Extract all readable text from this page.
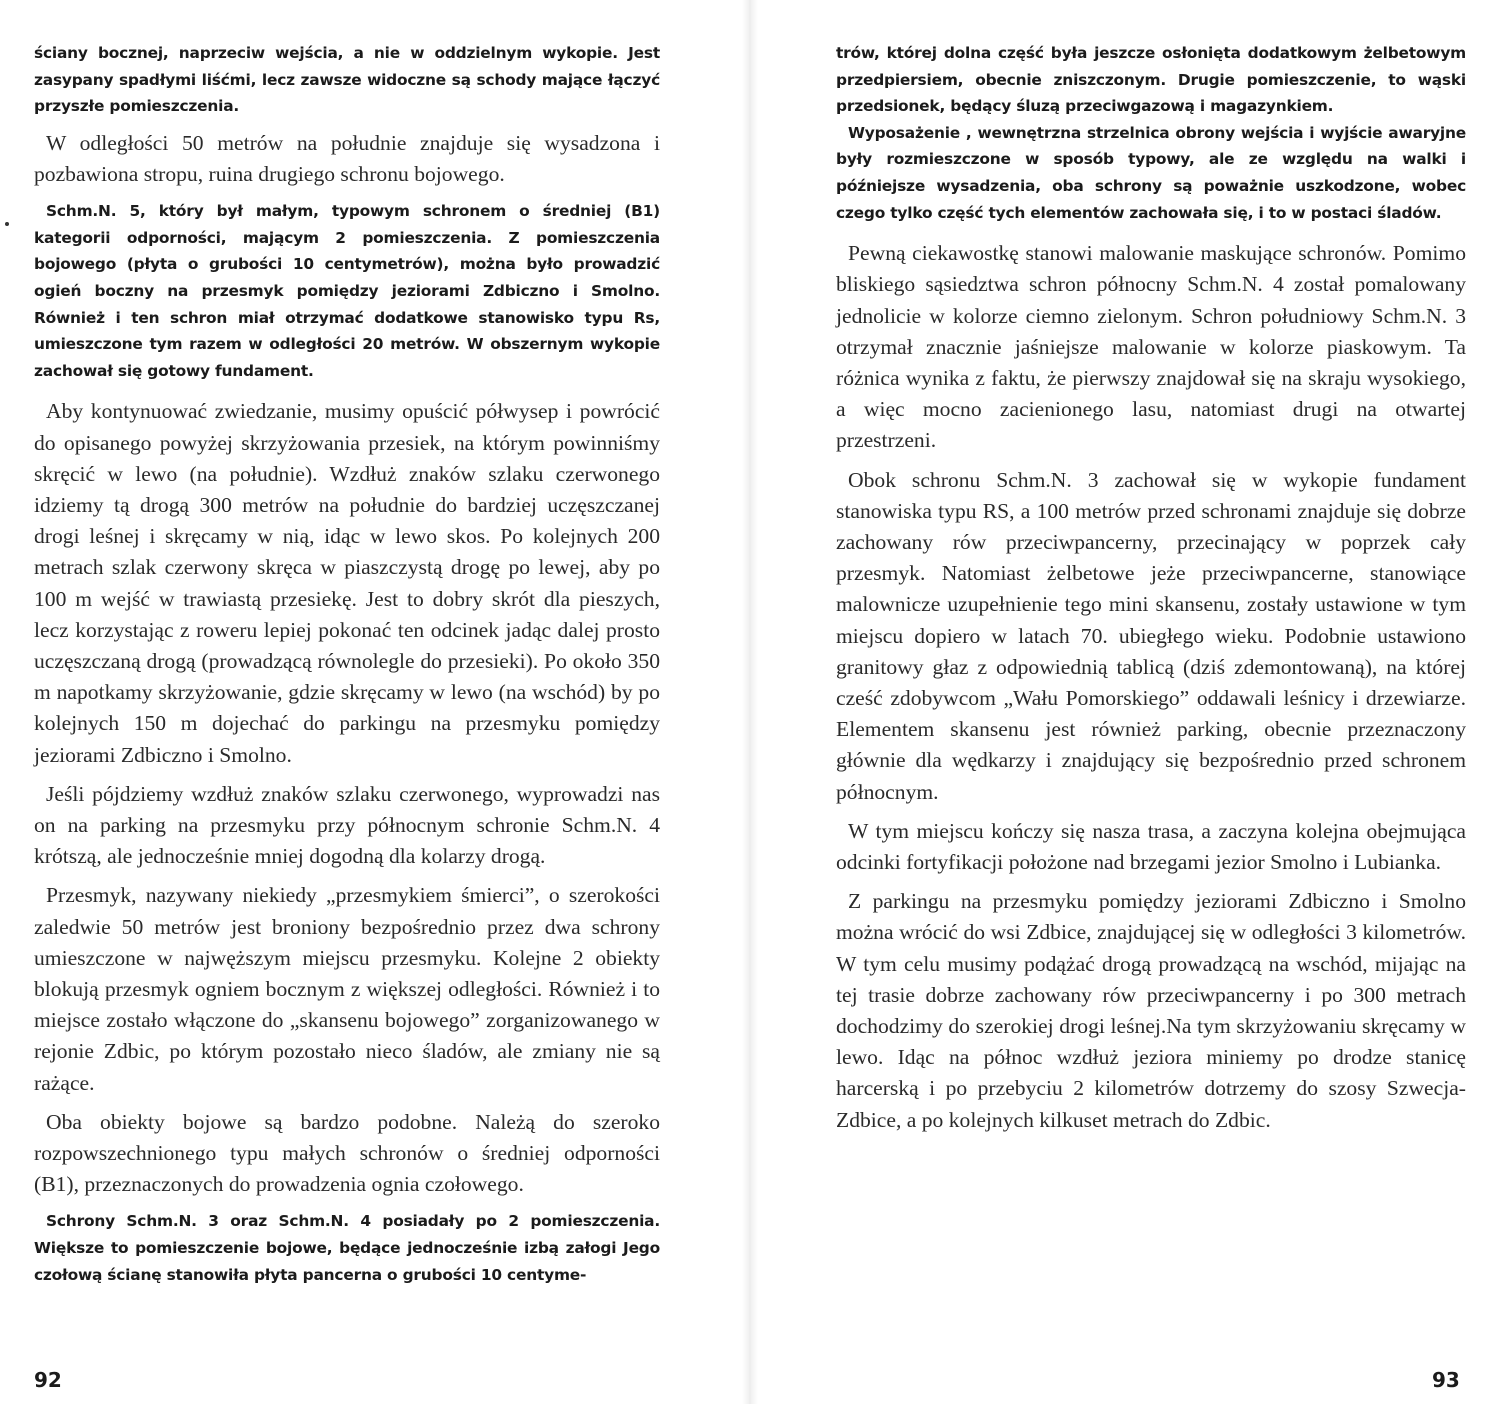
ściany bocznej, naprzeciw wejścia, a nie w oddzielnym wykopie. Jest zasypany spadłymi liśćmi, lecz zawsze widoczne są schody mające łączyć przyszłe pomieszczenia.

W odległości 50 metrów na południe znajduje się wysadzona i pozbawiona stropu, ruina drugiego schronu bojowego.

Schm.N. 5, który był małym, typowym schronem o średniej (B1) kategorii odporności, mającym 2 pomieszczenia. Z pomieszczenia bojowego (płyta o grubości 10 centymetrów), można było prowadzić ogień boczny na przesmyk pomiędzy jeziorami Zdbiczno i Smolno. Również i ten schron miał otrzymać dodatkowe stanowisko typu Rs, umieszczone tym razem w odległości 20 metrów. W obszernym wykopie zachował się gotowy fundament.

Aby kontynuować zwiedzanie, musimy opuścić półwysep i powrócić do opisanego powyżej skrzyżowania przesiek, na którym powinniśmy skręcić w lewo (na południe). Wzdłuż znaków szlaku czerwonego idziemy tą drogą 300 metrów na południe do bardziej uczęszczanej drogi leśnej i skręcamy w nią, idąc w lewo skos. Po kolejnych 200 metrach szlak czerwony skręca w piaszczystą drogę po lewej, aby po 100 m wejść w trawiastą przesiekę. Jest to dobry skrót dla pieszych, lecz korzystając z roweru lepiej pokonać ten odcinek jadąc dalej prosto uczęszczaną drogą (prowadzącą równolegle do przesieki). Po około 350 m napotkamy skrzyżowanie, gdzie skręcamy w lewo (na wschód) by po kolejnych 150 m dojechać do parkingu na przesmyku pomiędzy jeziorami Zdbiczno i Smolno.

Jeśli pójdziemy wzdłuż znaków szlaku czerwonego, wyprowadzi nas on na parking na przesmyku przy północnym schronie Schm.N. 4 krótszą, ale jednocześnie mniej dogodną dla kolarzy drogą.

Przesmyk, nazywany niekiedy „przesmykiem śmierci”, o szerokości zaledwie 50 metrów jest broniony bezpośrednio przez dwa schrony umieszczone w najwęższym miejscu przesmyku. Kolejne 2 obiekty blokują przesmyk ogniem bocznym z większej odległości. Również i to miejsce zostało włączone do „skansenu bojowego” zorganizowanego w rejonie Zdbic, po którym pozostało nieco śladów, ale zmiany nie są rażące.

Oba obiekty bojowe są bardzo podobne. Należą do szeroko rozpowszechnionego typu małych schronów o średniej odporności (B1), przeznaczonych do prowadzenia ognia czołowego.

Schrony Schm.N. 3 oraz Schm.N. 4 posiadały po 2 pomieszczenia. Większe to pomieszczenie bojowe, będące jednocześnie izbą załogi Jego czołową ścianę stanowiła płyta pancerna o grubości 10 centyme-

92

trów, której dolna część była jeszcze osłonięta dodatkowym żelbetowym przedpiersiem, obecnie zniszczonym. Drugie pomieszczenie, to wąski przedsionek, będący śluzą przeciwgazową i magazynkiem.

Wyposażenie , wewnętrzna strzelnica obrony wejścia i wyjście awaryjne były rozmieszczone w sposób typowy, ale ze względu na walki i późniejsze wysadzenia, oba schrony są poważnie uszkodzone, wobec czego tylko część tych elementów zachowała się, i to w postaci śladów.

Pewną ciekawostkę stanowi malowanie maskujące schronów. Pomimo bliskiego sąsiedztwa schron północny Schm.N. 4 został pomalowany jednolicie w kolorze ciemno zielonym. Schron południowy Schm.N. 3 otrzymał znacznie jaśniejsze malowanie w kolorze piaskowym. Ta różnica wynika z faktu, że pierwszy znajdował się na skraju wysokiego, a więc mocno zacienionego lasu, natomiast drugi na otwartej przestrzeni.

Obok schronu Schm.N. 3 zachował się w wykopie fundament stanowiska typu RS, a 100 metrów przed schronami znajduje się dobrze zachowany rów przeciwpancerny, przecinający w poprzek cały przesmyk. Natomiast żelbetowe jeże przeciwpancerne, stanowiące malownicze uzupełnienie tego mini skansenu, zostały ustawione w tym miejscu dopiero w latach 70. ubiegłego wieku. Podobnie ustawiono granitowy głaz z odpowiednią tablicą (dziś zdemontowaną), na której cześć zdobywcom „Wału Pomorskiego” oddawali leśnicy i drzewiarze. Elementem skansenu jest również parking, obecnie przeznaczony głównie dla wędkarzy i znajdujący się bezpośrednio przed schronem północnym.

W tym miejscu kończy się nasza trasa, a zaczyna kolejna obejmująca odcinki fortyfikacji położone nad brzegami jezior Smolno i Lubianka.

Z parkingu na przesmyku pomiędzy jeziorami Zdbiczno i Smolno można wrócić do wsi Zdbice, znajdującej się w odległości 3 kilometrów. W tym celu musimy podążać drogą prowadzącą na wschód, mijając na tej trasie dobrze zachowany rów przeciwpancerny i po 300 metrach dochodzimy do szerokiej drogi leśnej.Na tym skrzyżowaniu skręcamy w lewo. Idąc na północ wzdłuż jeziora miniemy po drodze stanicę harcerską i po przebyciu 2 kilometrów dotrzemy do szosy Szwecja-Zdbice, a po kolejnych kilkuset metrach do Zdbic.

93
